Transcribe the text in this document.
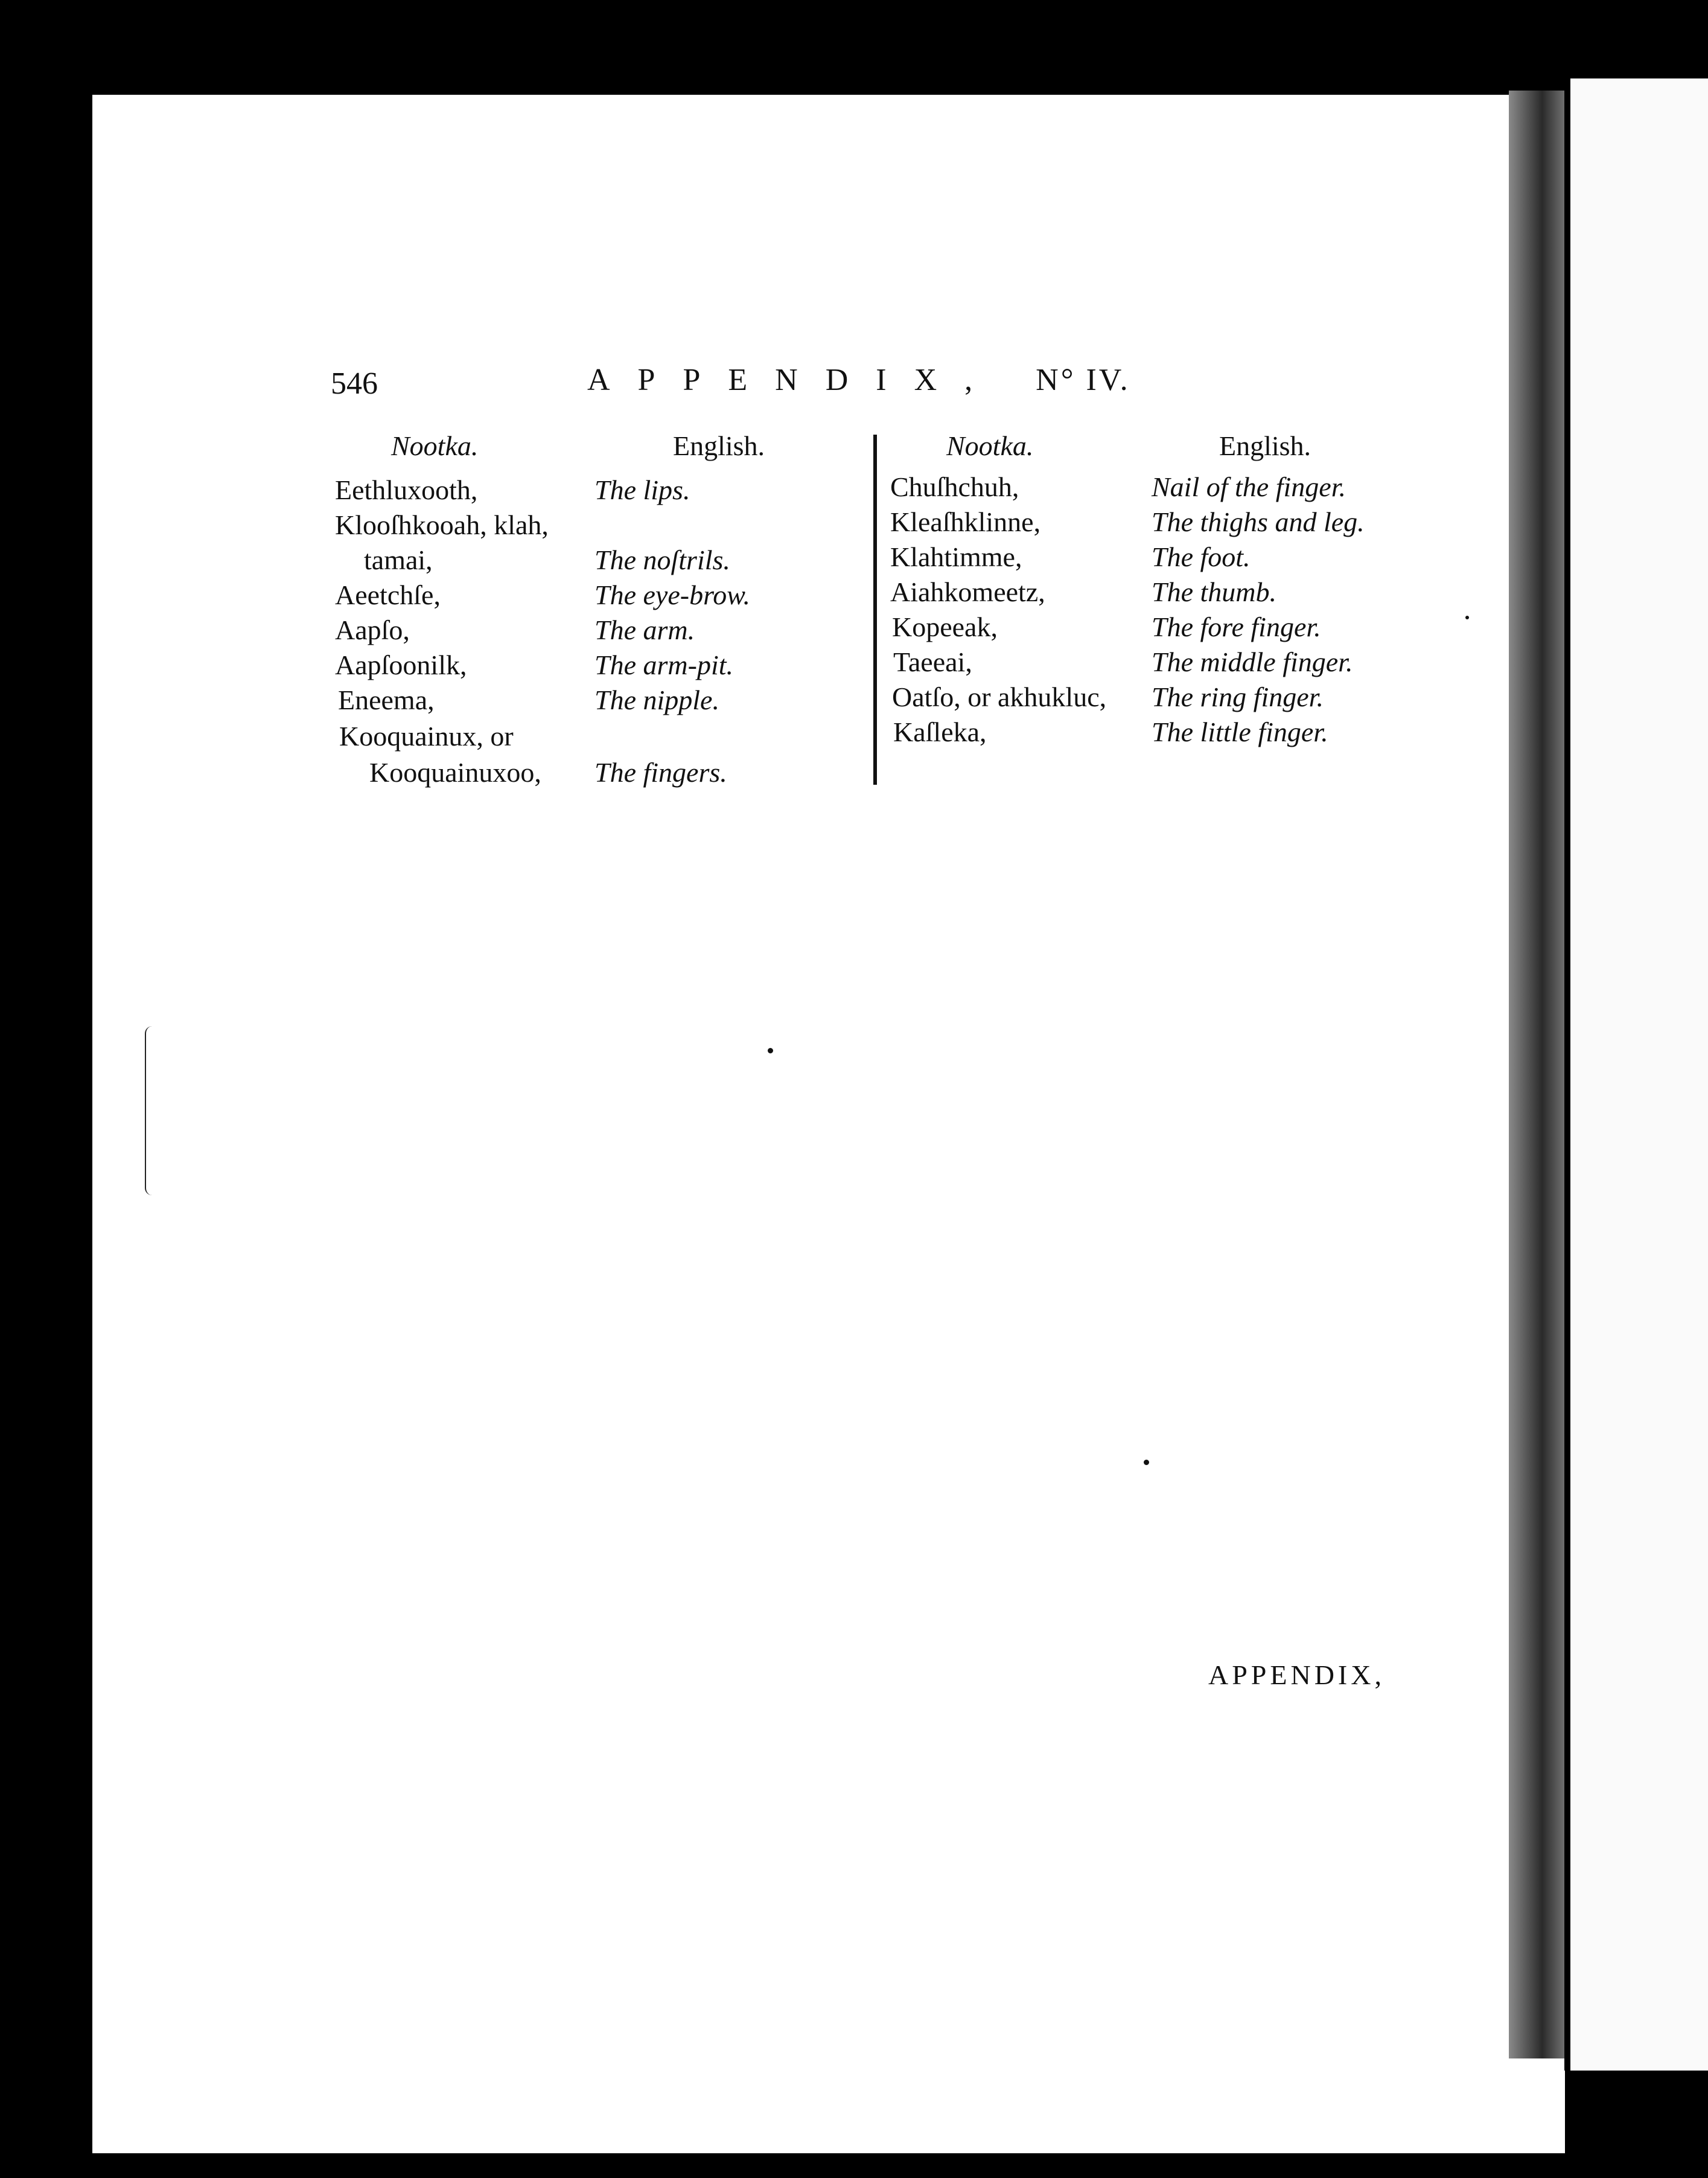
546	APPENDIX, N° IV.
Nootka.	English.	Nootka.	English.
Eethluxooth,	The lips.
Klooſhkooah, klah,
tamai,	The noſtrils.
Aeetchſe,	The eye-brow.
Aapſo,	The arm.
Aapſoonilk,	The arm-pit.
Eneema,	The nipple.
Kooquainux, or
Kooquainuxoo, The fingers.
Chuſhchuh,	Nail of the finger.
Kleaſhklinne,	The thighs and leg.
Klahtimme,	The foot.
Aiahkomeetz,	The thumb.
Kopeeak,	The fore finger.
Taeeai,	The middle finger.
Oatſo, or akhukluc, The ring finger.
Kaſleka,	The little finger.
APPENDIX,
